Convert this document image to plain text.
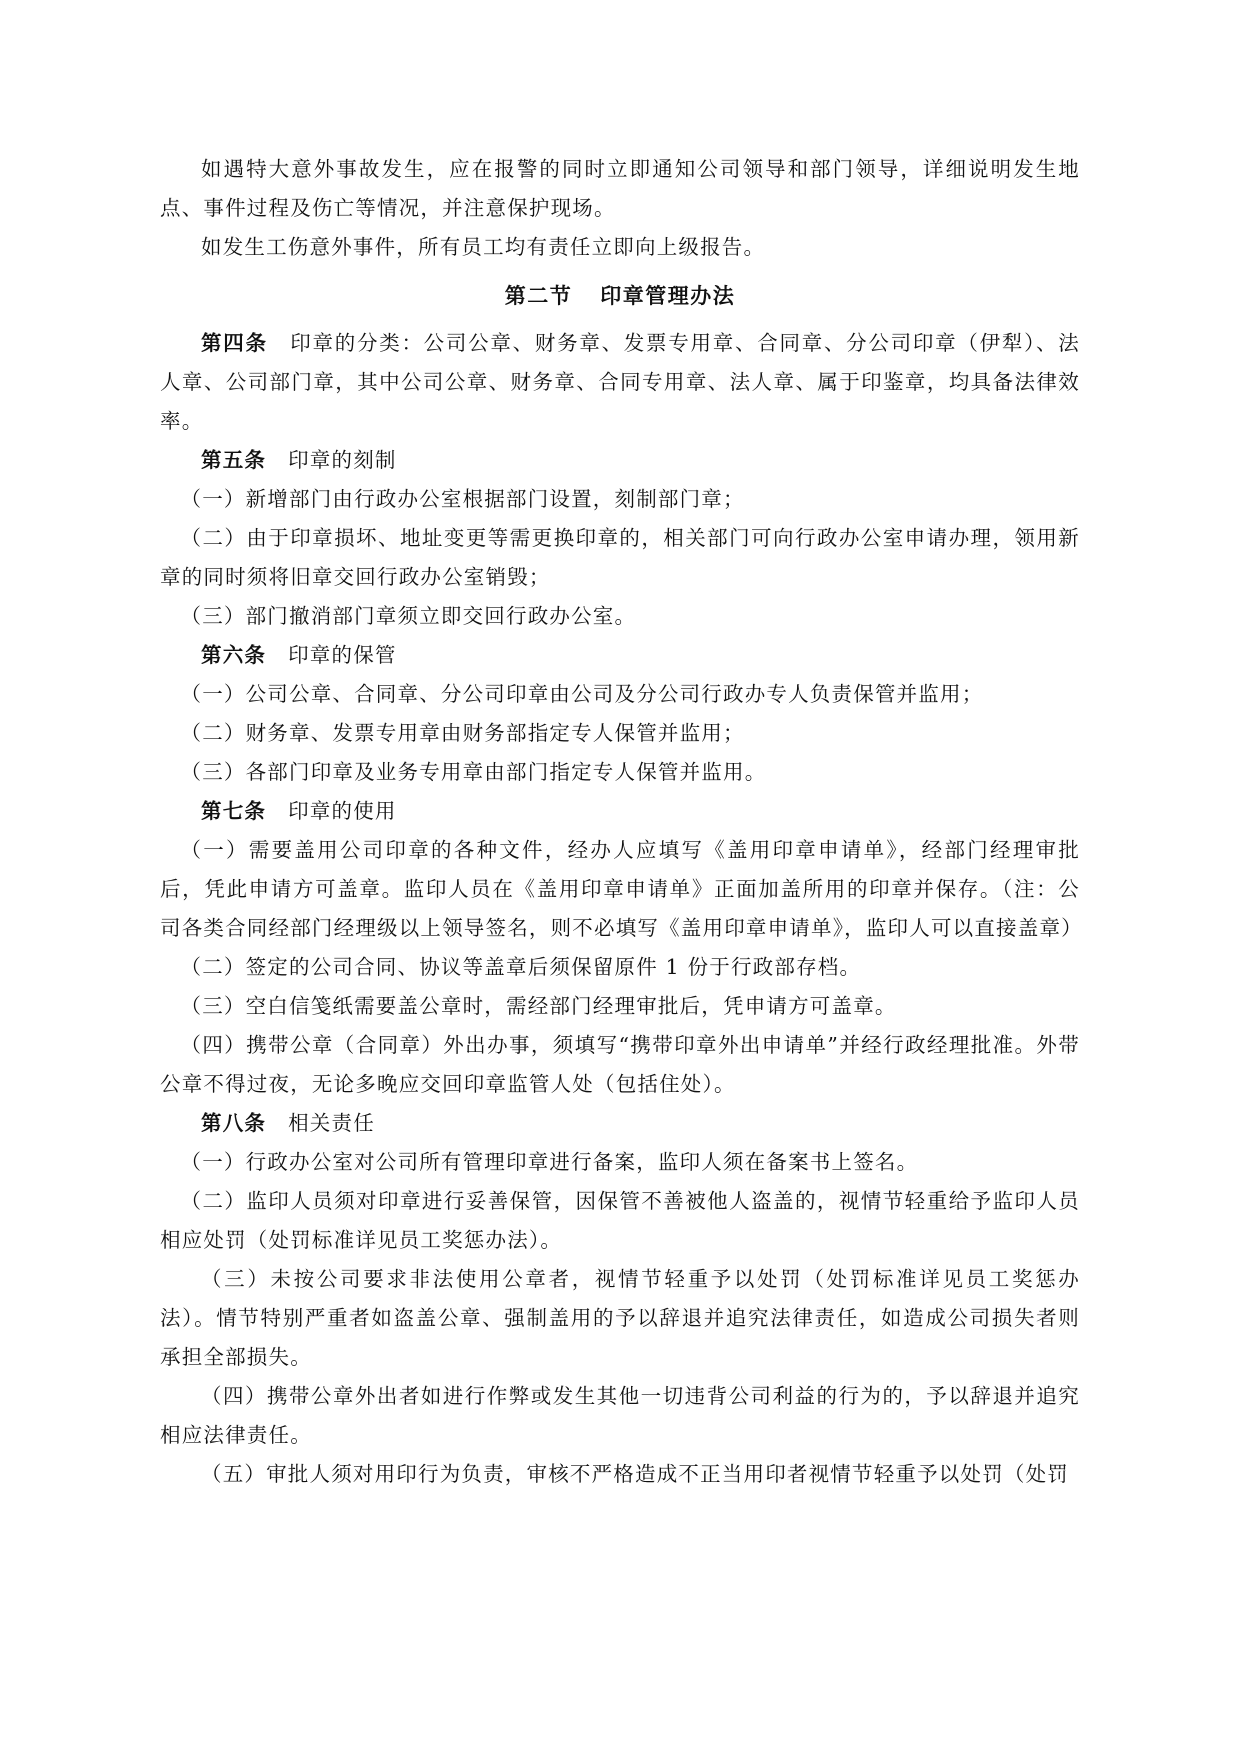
如遇特大意外事故发生，应在报警的同时立即通知公司领导和部门领导，详细说明发生地点、事件过程及伤亡等情况，并注意保护现场。

如发生工伤意外事件，所有员工均有责任立即向上级报告。

第二节 印章管理办法

第四条 印章的分类：公司公章、财务章、发票专用章、合同章、分公司印章（伊犁）、法人章、公司部门章，其中公司公章、财务章、合同专用章、法人章、属于印鉴章，均具备法律效率。

第五条 印章的刻制

（一）新增部门由行政办公室根据部门设置，刻制部门章；

（二）由于印章损坏、地址变更等需更换印章的，相关部门可向行政办公室申请办理，领用新章的同时须将旧章交回行政办公室销毁；

（三）部门撤消部门章须立即交回行政办公室。

第六条 印章的保管

（一）公司公章、合同章、分公司印章由公司及分公司行政办专人负责保管并监用；

（二）财务章、发票专用章由财务部指定专人保管并监用；

（三）各部门印章及业务专用章由部门指定专人保管并监用。

第七条 印章的使用

（一）需要盖用公司印章的各种文件，经办人应填写《盖用印章申请单》，经部门经理审批后，凭此申请方可盖章。监印人员在《盖用印章申请单》正面加盖所用的印章并保存。（注：公司各类合同经部门经理级以上领导签名，则不必填写《盖用印章申请单》，监印人可以直接盖章）

（二）签定的公司合同、协议等盖章后须保留原件 1 份于行政部存档。

（三）空白信笺纸需要盖公章时，需经部门经理审批后，凭申请方可盖章。

（四）携带公章（合同章）外出办事，须填写“携带印章外出申请单”并经行政经理批准。外带公章不得过夜，无论多晚应交回印章监管人处（包括住处）。

第八条 相关责任

（一）行政办公室对公司所有管理印章进行备案，监印人须在备案书上签名。

（二）监印人员须对印章进行妥善保管，因保管不善被他人盗盖的，视情节轻重给予监印人员相应处罚（处罚标准详见员工奖惩办法）。

（三）未按公司要求非法使用公章者，视情节轻重予以处罚（处罚标准详见员工奖惩办法）。情节特别严重者如盗盖公章、强制盖用的予以辞退并追究法律责任，如造成公司损失者则承担全部损失。

（四）携带公章外出者如进行作弊或发生其他一切违背公司利益的行为的，予以辞退并追究相应法律责任。

（五）审批人须对用印行为负责，审核不严格造成不正当用印者视情节轻重予以处罚（处罚
